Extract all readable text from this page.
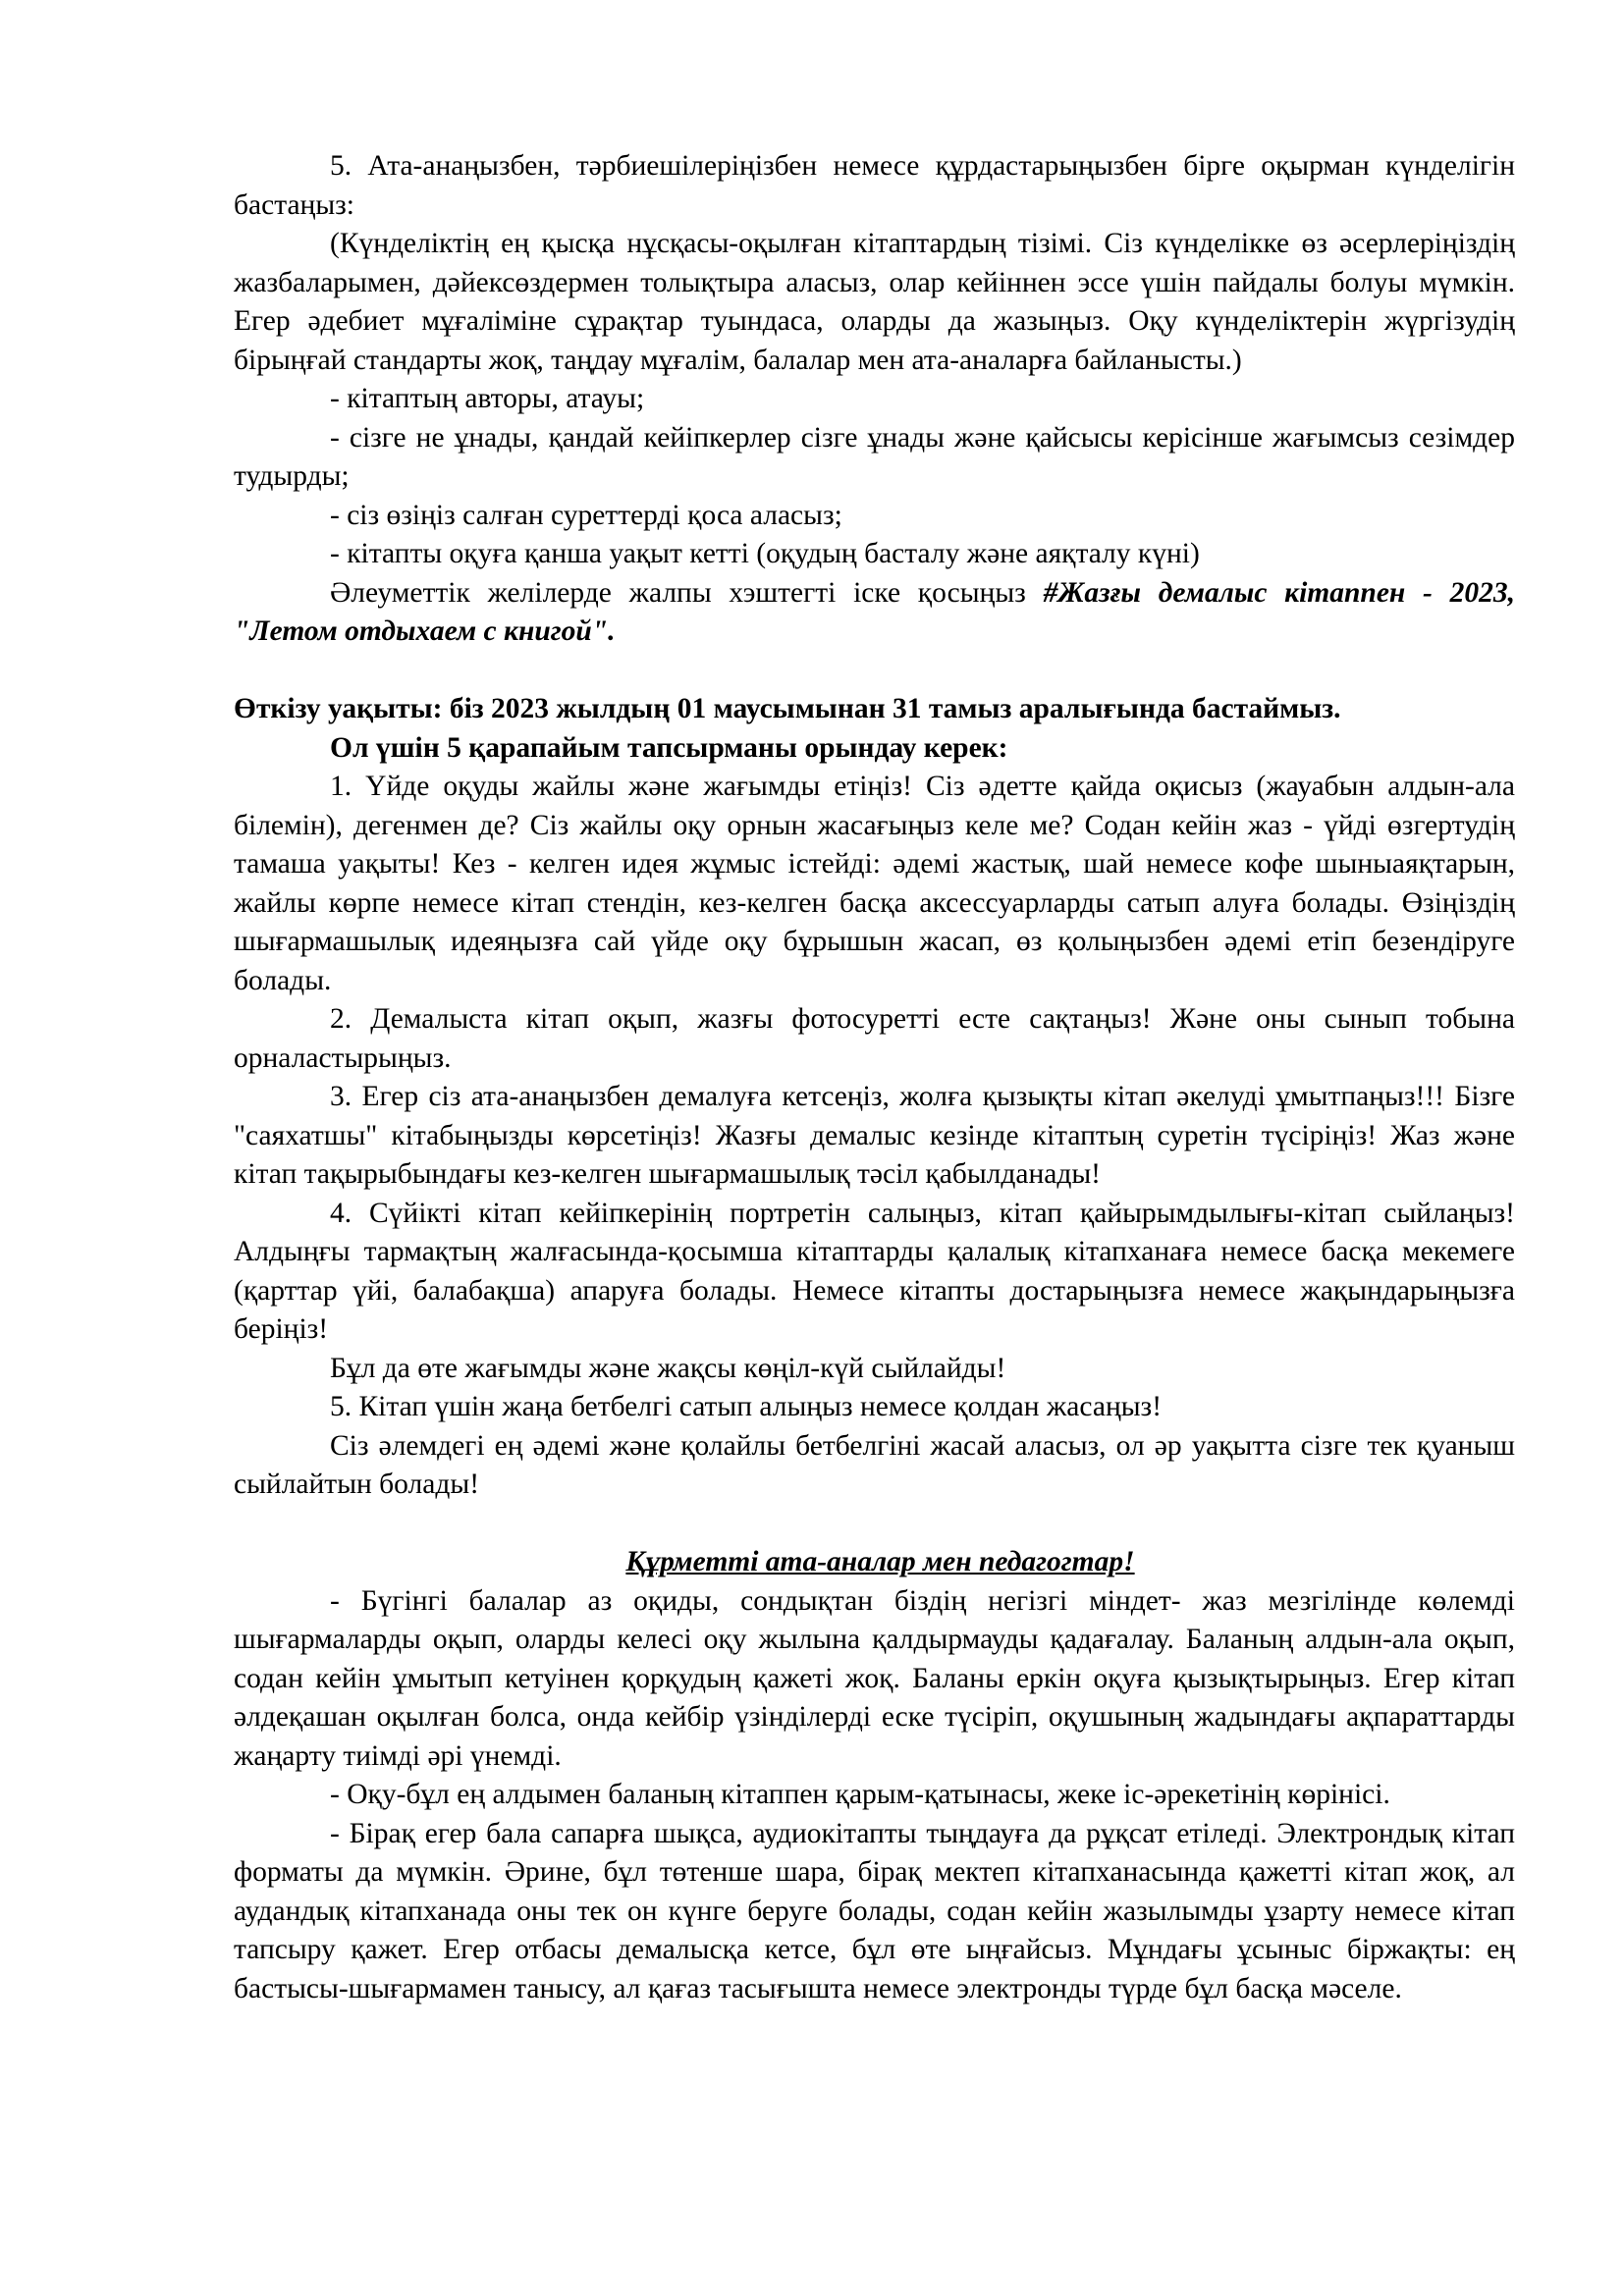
5. Ата-анаңызбен, тәрбиешілеріңізбен немесе құрдастарыңызбен бірге оқырман күнделігін бастаңыз:

(Күнделіктің ең қысқа нұсқасы-оқылған кітаптардың тізімі. Сіз күнделікке өз әсерлеріңіздің жазбаларымен, дәйексөздермен толықтыра аласыз, олар кейіннен эссе үшін пайдалы болуы мүмкін. Егер әдебиет мұғаліміне сұрақтар туындаса, оларды да жазыңыз. Оқу күнделіктерін жүргізудің бірыңғай стандарты жоқ, таңдау мұғалім, балалар мен ата-аналарға байланысты.)

- кітаптың авторы, атауы;

- сізге не ұнады, қандай кейіпкерлер сізге ұнады және қайсысы керісінше жағымсыз сезімдер тудырды;

- сіз өзіңіз салған суреттерді қоса аласыз;

- кітапты оқуға қанша уақыт кетті (оқудың басталу және аяқталу күні)

Әлеуметтік желілерде жалпы хэштегті іске қосыңыз #Жазғы демалыс кітаппен - 2023, "Летом отдыхаем с книгой".

Өткізу уақыты: біз 2023 жылдың 01 маусымынан 31 тамыз аралығында бастаймыз.

Ол үшін 5 қарапайым тапсырманы орындау керек:

1. Үйде оқуды жайлы және жағымды етіңіз! Сіз әдетте қайда оқисыз (жауабын алдын-ала білемін), дегенмен де? Сіз жайлы оқу орнын жасағыңыз келе ме? Содан кейін жаз - үйді өзгертудің тамаша уақыты! Кез - келген идея жұмыс істейді: әдемі жастық, шай немесе кофе шыныаяқтарын, жайлы көрпе немесе кітап стендін, кез-келген басқа аксессуарларды сатып алуға болады. Өзіңіздің шығармашылық идеяңызға сай үйде оқу бұрышын жасап, өз қолыңызбен әдемі етіп безендіруге болады.

2. Демалыста кітап оқып, жазғы фотосуретті есте сақтаңыз! Және оны сынып тобына орналастырыңыз.

3. Егер сіз ата-анаңызбен демалуға кетсеңіз, жолға қызықты кітап әкелуді ұмытпаңыз!!! Бізге "саяхатшы" кітабыңызды көрсетіңіз! Жазғы демалыс кезінде кітаптың суретін түсіріңіз! Жаз және кітап тақырыбындағы кез-келген шығармашылық тәсіл қабылданады!

4. Сүйікті кітап кейіпкерінің портретін салыңыз, кітап қайырымдылығы-кітап сыйлаңыз! Алдыңғы тармақтың жалғасында-қосымша кітаптарды қалалық кітапханаға немесе басқа мекемеге (қарттар үйі, балабақша) апаруға болады. Немесе кітапты достарыңызға немесе жақындарыңызға беріңіз!

Бұл да өте жағымды және жақсы көңіл-күй сыйлайды!

5. Кітап үшін жаңа бетбелгі сатып алыңыз немесе қолдан жасаңыз!

Сіз әлемдегі ең әдемі және қолайлы бетбелгіні жасай аласыз, ол әр уақытта сізге тек қуаныш сыйлайтын болады!

Құрметті ата-аналар мен педагогтар!

- Бүгінгі балалар аз оқиды, сондықтан біздің негізгі міндет- жаз мезгілінде көлемді шығармаларды оқып, оларды келесі оқу жылына қалдырмауды қадағалау. Баланың алдын-ала оқып, содан кейін ұмытып кетуінен қорқудың қажеті жоқ. Баланы еркін оқуға қызықтырыңыз. Егер кітап әлдеқашан оқылған болса, онда кейбір үзінділерді еске түсіріп, оқушының жадындағы ақпараттарды жаңарту тиімді әрі үнемді.

- Оқу-бұл ең алдымен баланың кітаппен қарым-қатынасы, жеке іс-әрекетінің көрінісі.

- Бірақ егер бала сапарға шықса, аудиокітапты тыңдауға да рұқсат етіледі. Электрондық кітап форматы да мүмкін. Әрине, бұл төтенше шара, бірақ мектеп кітапханасында қажетті кітап жоқ, ал аудандық кітапханада оны тек он күнге беруге болады, содан кейін жазылымды ұзарту немесе кітап тапсыру қажет. Егер отбасы демалысқа кетсе, бұл өте ыңғайсыз. Мұндағы ұсыныс біржақты: ең бастысы-шығармамен танысу, ал қағаз тасығышта немесе электронды түрде бұл басқа мәселе.
